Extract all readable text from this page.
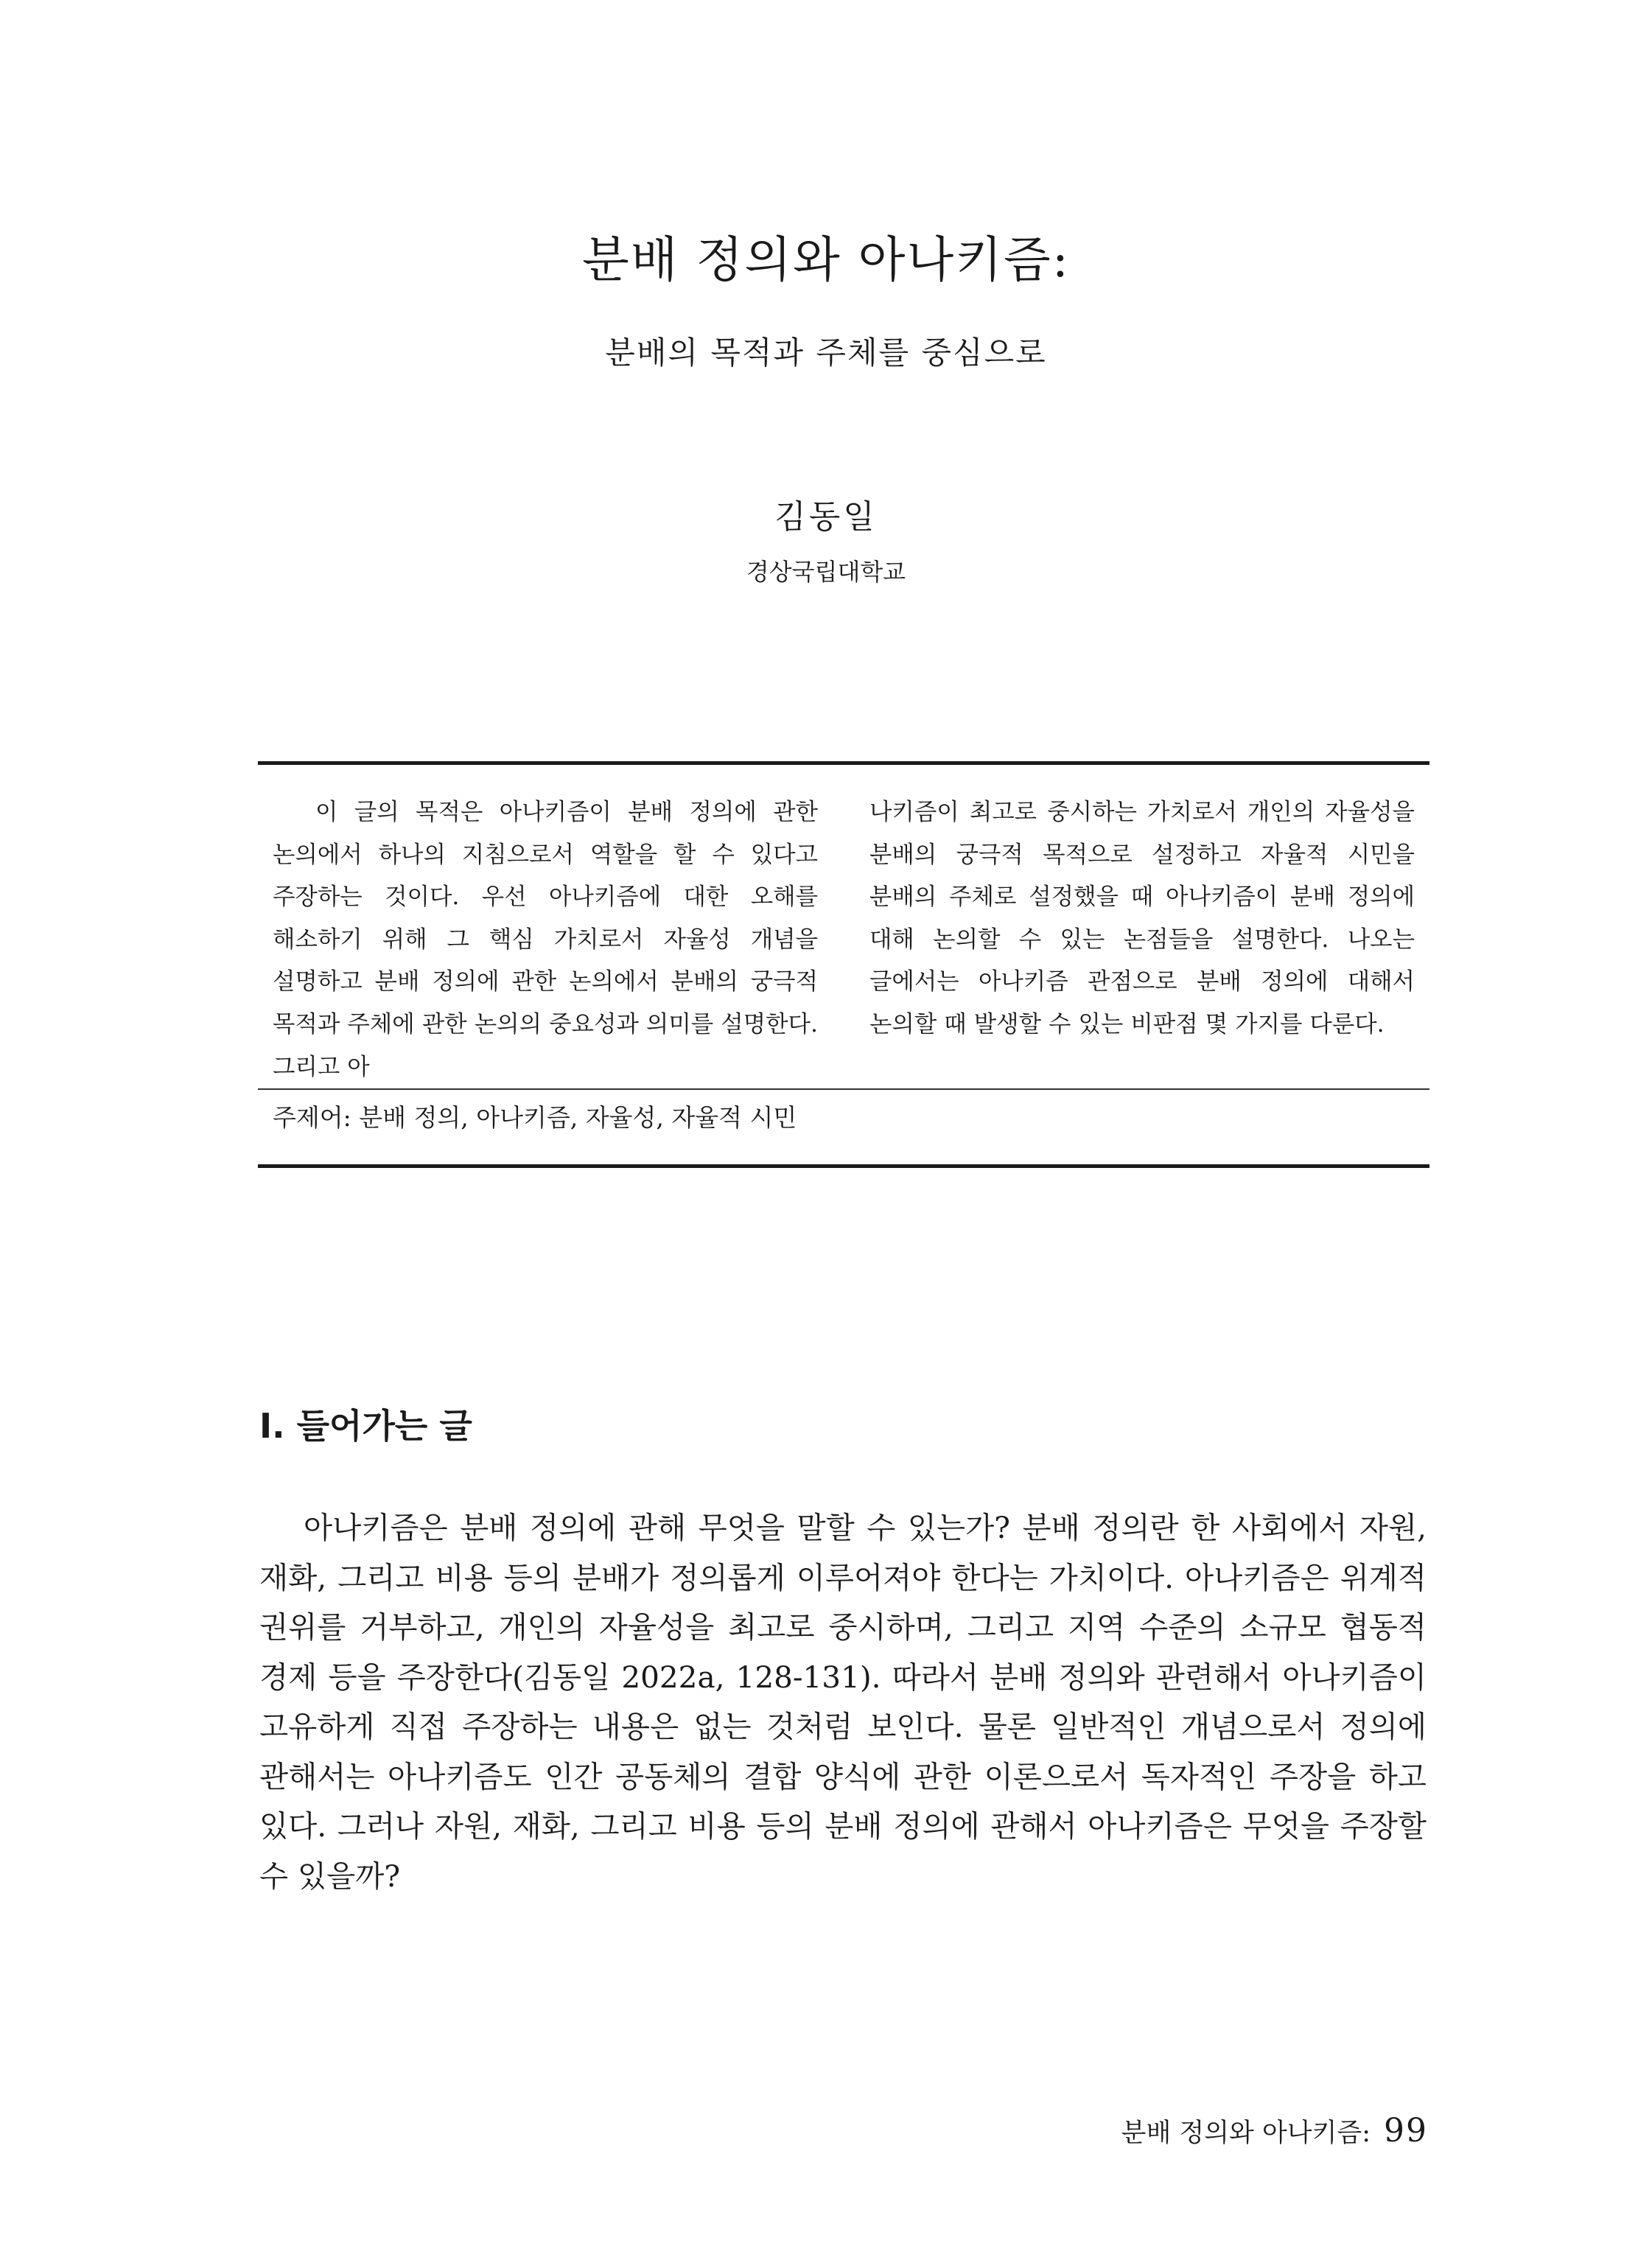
분배 정의와 아나키즘:
분배의 목적과 주체를 중심으로
김동일
경상국립대학교
이 글의 목적은 아나키즘이 분배 정의에 관한 논의에서 하나의 지침으로서 역할을 할 수 있다고 주장하는 것이다. 우선 아나키즘에 대한 오해를 해소하기 위해 그 핵심 가치로서 자율성 개념을 설명하고 분배 정의에 관한 논의에서 분배의 궁극적 목적과 주체에 관한 논의의 중요성과 의미를 설명한다. 그리고 아
나키즘이 최고로 중시하는 가치로서 개인의 자율성을 분배의 궁극적 목적으로 설정하고 자율적 시민을 분배의 주체로 설정했을 때 아나키즘이 분배 정의에 대해 논의할 수 있는 논점들을 설명한다. 나오는 글에서는 아나키즘 관점으로 분배 정의에 대해서 논의할 때 발생할 수 있는 비판점 몇 가지를 다룬다.
주제어: 분배 정의, 아나키즘, 자율성, 자율적 시민
Ⅰ. 들어가는 글
아나키즘은 분배 정의에 관해 무엇을 말할 수 있는가? 분배 정의란 한 사회에서 자원, 재화, 그리고 비용 등의 분배가 정의롭게 이루어져야 한다는 가치이다. 아나키즘은 위계적 권위를 거부하고, 개인의 자율성을 최고로 중시하며, 그리고 지역 수준의 소규모 협동적 경제 등을 주장한다(김동일 2022a, 128-131). 따라서 분배 정의와 관련해서 아나키즘이 고유하게 직접 주장하는 내용은 없는 것처럼 보인다. 물론 일반적인 개념으로서 정의에 관해서는 아나키즘도 인간 공동체의 결합 양식에 관한 이론으로서 독자적인 주장을 하고 있다. 그러나 자원, 재화, 그리고 비용 등의 분배 정의에 관해서 아나키즘은 무엇을 주장할 수 있을까?
분배 정의와 아나키즘: 99
